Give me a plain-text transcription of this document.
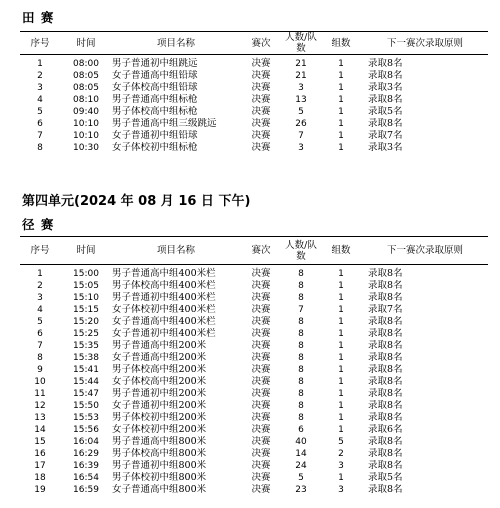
田 赛
序号	时间	项目名称	赛次	人数/队数	组数	下一赛次录取原则
1	08:00	男子普通初中组跳远	决赛	21	1	录取8名
2	08:05	女子普通高中组铅球	决赛	21	1	录取8名
3	08:05	女子体校高中组铅球	决赛	3	1	录取3名
4	08:10	男子普通高中组标枪	决赛	13	1	录取8名
5	09:40	男子体校高中组标枪	决赛	5	1	录取5名
6	10:10	男子普通高中组三级跳远	决赛	26	1	录取8名
7	10:10	女子普通初中组铅球	决赛	7	1	录取7名
8	10:30	女子体校初中组标枪	决赛	3	1	录取3名
第四单元(2024 年 08 月 16 日 下午)
径 赛
序号	时间	项目名称	赛次	人数/队数	组数	下一赛次录取原则
1	15:00	男子普通高中组400米栏	决赛	8	1	录取8名
2	15:05	男子体校高中组400米栏	决赛	8	1	录取8名
3	15:10	男子普通初中组400米栏	决赛	8	1	录取8名
4	15:15	女子体校初中组400米栏	决赛	7	1	录取7名
5	15:20	女子普通高中组400米栏	决赛	8	1	录取8名
6	15:25	女子普通初中组400米栏	决赛	8	1	录取8名
7	15:35	男子普通高中组200米	决赛	8	1	录取8名
8	15:38	女子普通高中组200米	决赛	8	1	录取8名
9	15:41	男子体校高中组200米	决赛	8	1	录取8名
10	15:44	女子体校高中组200米	决赛	8	1	录取8名
11	15:47	男子普通初中组200米	决赛	8	1	录取8名
12	15:50	女子普通初中组200米	决赛	8	1	录取8名
13	15:53	男子体校初中组200米	决赛	8	1	录取8名
14	15:56	女子体校初中组200米	决赛	6	1	录取6名
15	16:04	男子普通高中组800米	决赛	40	5	录取8名
16	16:29	男子体校高中组800米	决赛	14	2	录取8名
17	16:39	男子普通初中组800米	决赛	24	3	录取8名
18	16:54	男子体校初中组800米	决赛	5	1	录取5名
19	16:59	女子普通高中组800米	决赛	23	3	录取8名
